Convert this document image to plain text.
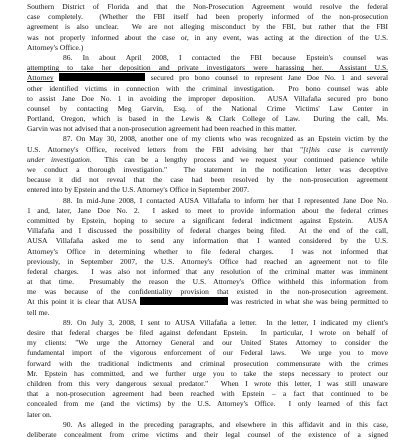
Southern District of Florida and that the Non-Prosecution Agreement would resolve the federal
case completely.  (Whether the FBI itself had been properly informed of the non-prosecution
agreement is also unclear.  We are not alleging misconduct by the FBI, but rather that the FBI
was not properly informed about the case or, in any event, was acting at the direction of the U.S.
Attorney's Office.)
86. In about April 2008, I contacted the FBI because Epstein's counsel was
attempting to take her deposition and private investigators were harassing her.  Assistant U.S.
Attorney	secured pro bono counsel to represent Jane Doe No. 1 and several
other identified victims in connection with the criminal investigation.  Pro bono counsel was able
to assist Jane Doe No. 1 in avoiding the improper deposition.  AUSA Villafaña secured pro bono
counsel by contacting Meg Garvin, Esq. of the National Crime Victims' Law Center in
Portland, Oregon, which is based in the Lewis & Clark College of Law.  During the call, Ms.
Garvin was not advised that a non-prosecution agreement had been reached in this matter.
87. On May 30, 2008, another one of my clients who was recognized as an Epstein victim by the
U.S. Attorney's Office, received letters from the FBI advising her that "[t]his case is currently
under investigation.  This can be a lengthy process and we request your continued patience while
we conduct a thorough investigation."  The statement in the notification letter was deceptive
because it did not reveal that the case had been resolved by the non-prosecution agreement
entered into by Epstein and the U.S. Attorney's Office in September 2007.
88. In mid-June 2008, I contacted AUSA Villafaña to inform her that I represented Jane Doe No.
1 and, later, Jane Doe No. 2.  I asked to meet to provide information about the federal crimes
committed by Epstein, hoping to secure a significant federal indictment against Epstein.  AUSA
Villafaña and I discussed the possibility of federal charges being filed.  At the end of the call,
AUSA Villafaña asked me to send any information that I wanted considered by the U.S.
Attorney's Office in determining whether to file federal charges.  I was not informed that
previously, in September 2007, the U.S. Attorney's Office had reached an agreement not to file
federal charges.  I was also not informed that any resolution of the criminal matter was imminent
at that time.  Presumably the reason the U.S. Attorney's Office withheld this information from
me was because of the confidentiality provision that existed in the non-prosecution agreement.
At this point it is clear that AUSA	was restricted in what she was being permitted to
tell me.
89. On July 3, 2008, I sent to AUSA Villafaña a letter.  In the letter, I indicated my client's
desire that federal charges be filed against defendant Epstein.  In particular, I wrote on behalf of
my clients: "We urge the Attorney General and our United States Attorney to consider the
fundamental import of the vigorous enforcement of our Federal laws.  We urge you to move
forward with the traditional indictments and criminal prosecution commensurate with the crimes
Mr. Epstein has committed, and we further urge you to take the steps necessary to protect our
children from this very dangerous sexual predator."  When I wrote this letter, I was still unaware
that a non-prosecution agreement had been reached with Epstein – a fact that continued to be
concealed from me (and the victims) by the U.S. Attorney's Office.  I only learned of this fact
later on.
90. As alleged in the preceding paragraphs, and elsewhere in this affidavit and in this case,
deliberate concealment from crime victims and their legal counsel of the existence of a signed
